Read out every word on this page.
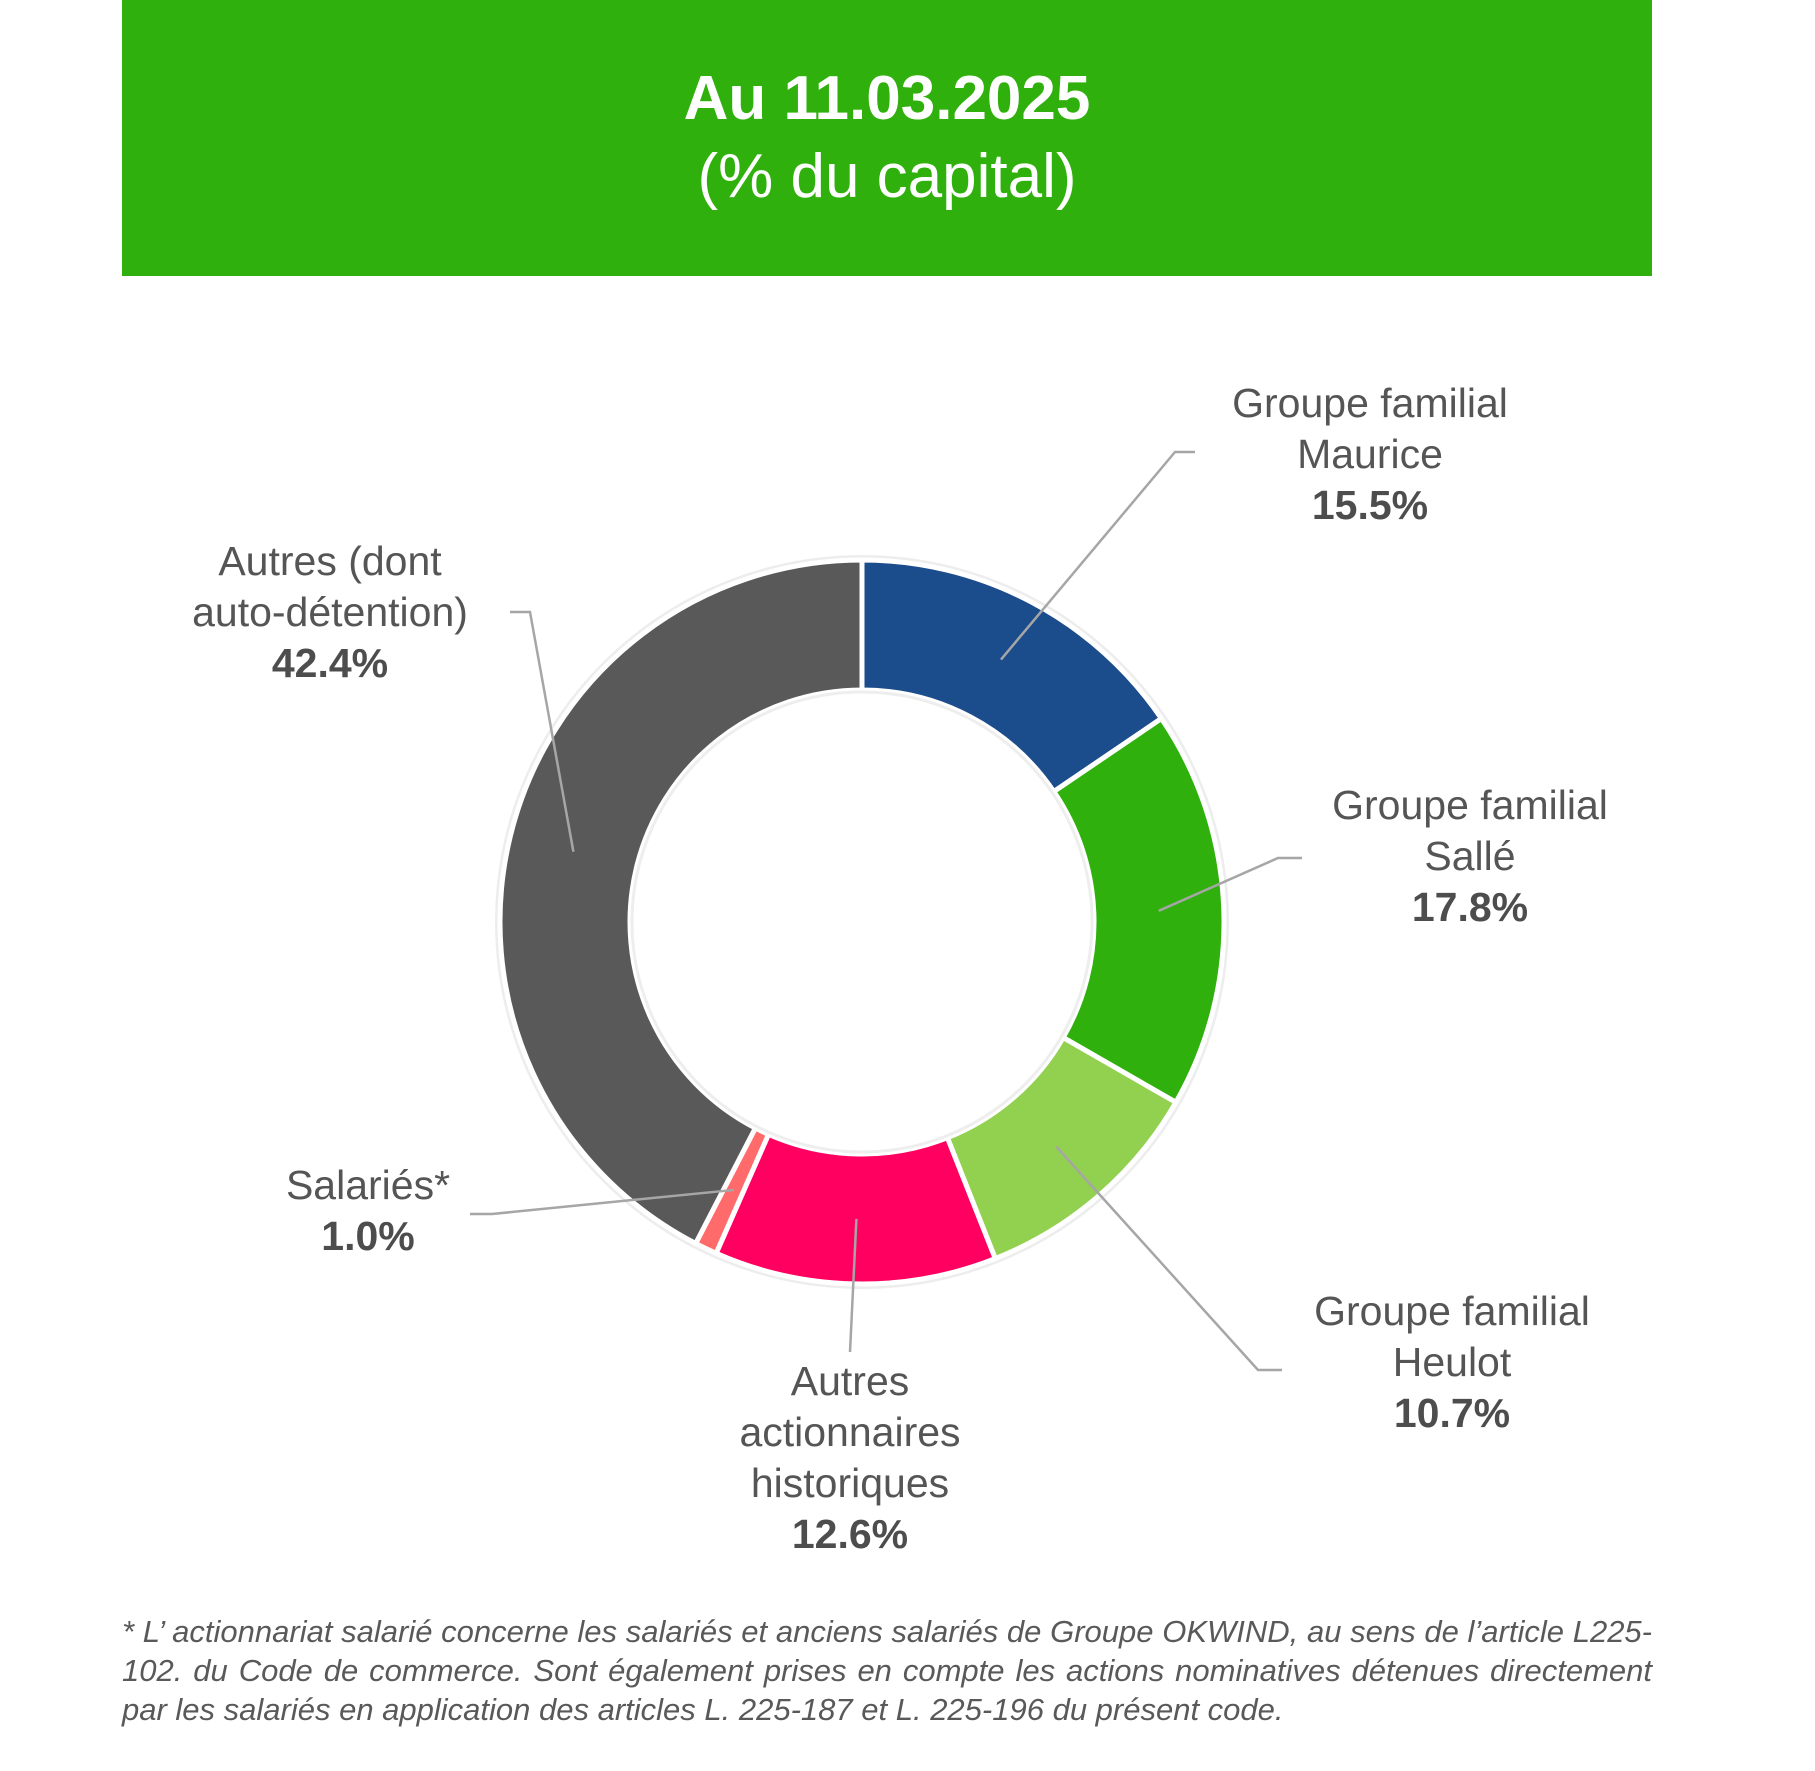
Au 11.03.2025
(% du capital)
Groupe familial
Maurice
15.5%
Groupe familial
Sallé
17.8%
Groupe familial
Heulot
10.7%
Autres
actionnaires
historiques
12.6%
Salariés*
1.0%
Autres (dont
auto-détention)
42.4%
* L’ actionnariat salarié concerne les salariés et anciens salariés de Groupe OKWIND, au sens de l’article L225-102. du Code de commerce. Sont également prises en compte les actions nominatives détenues directement par les salariés en application des articles L. 225-187 et L. 225-196 du présent code.
